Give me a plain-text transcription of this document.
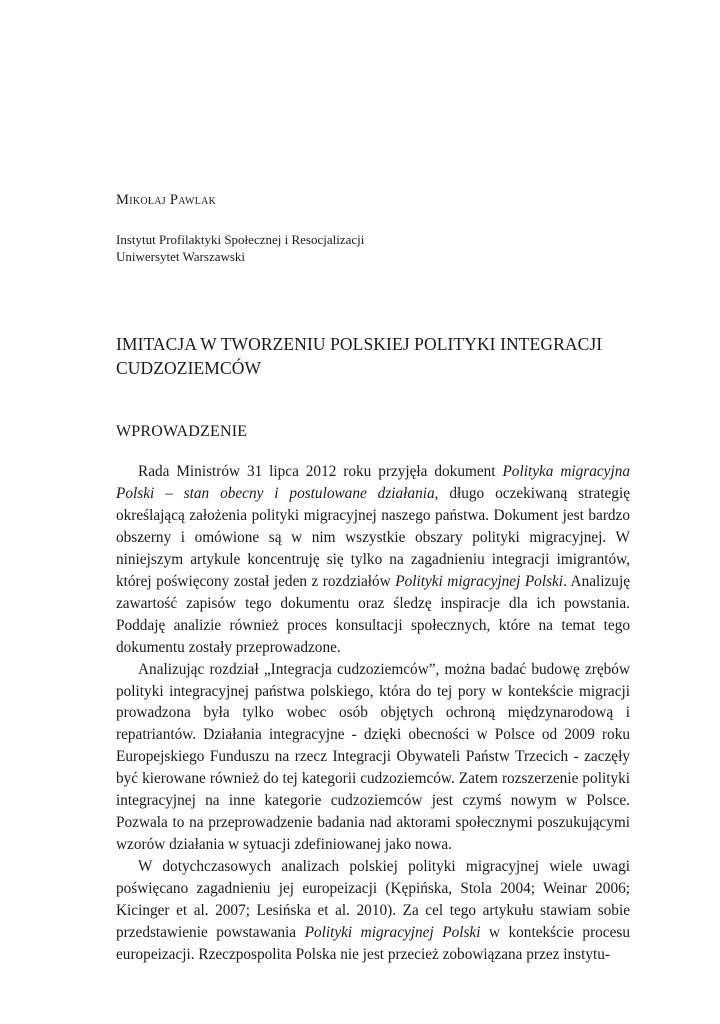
Mikołaj Pawlak
Instytut Profilaktyki Społecznej i Resocjalizacji
Uniwersytet Warszawski
IMITACJA W TWORZENIU POLSKIEJ POLITYKI INTEGRACJI
CUDZOZIEMCÓW
WPROWADZENIE

Rada Ministrów 31 lipca 2012 roku przyjęła dokument Polityka migracyjna Polski – stan obecny i postulowane działania, długo oczekiwaną strategię określającą założenia polityki migracyjnej naszego państwa. Dokument jest bardzo obszerny i omówione są w nim wszystkie obszary polityki migracyjnej. W niniejszym artykule koncentruję się tylko na zagadnieniu integracji imigrantów, której poświęcony został jeden z rozdziałów Polityki migracyjnej Polski. Analizuję zawartość zapisów tego dokumentu oraz śledzę inspiracje dla ich powstania. Poddaję analizie również proces konsultacji społecznych, które na temat tego dokumentu zostały przeprowadzone.

Analizując rozdział „Integracja cudzoziemców”, można badać budowę zrębów polityki integracyjnej państwa polskiego, która do tej pory w kontekście migracji prowadzona była tylko wobec osób objętych ochroną międzynarodową i repatriantów. Działania integracyjne - dzięki obecności w Polsce od 2009 roku Europejskiego Funduszu na rzecz Integracji Obywateli Państw Trzecich - zaczęły być kierowane również do tej kategorii cudzoziemców. Zatem rozszerzenie polityki integracyjnej na inne kategorie cudzoziemców jest czymś nowym w Polsce. Pozwala to na przeprowadzenie badania nad aktorami społecznymi poszukującymi wzorów działania w sytuacji zdefiniowanej jako nowa.

W dotychczasowych analizach polskiej polityki migracyjnej wiele uwagi poświęcano zagadnieniu jej europeizacji (Kępińska, Stola 2004; Weinar 2006; Kicinger et al. 2007; Lesińska et al. 2010). Za cel tego artykułu stawiam sobie przedstawienie powstawania Polityki migracyjnej Polski w kontekście procesu europeizacji. Rzeczpospolita Polska nie jest przecież zobowiązana przez instytu-
